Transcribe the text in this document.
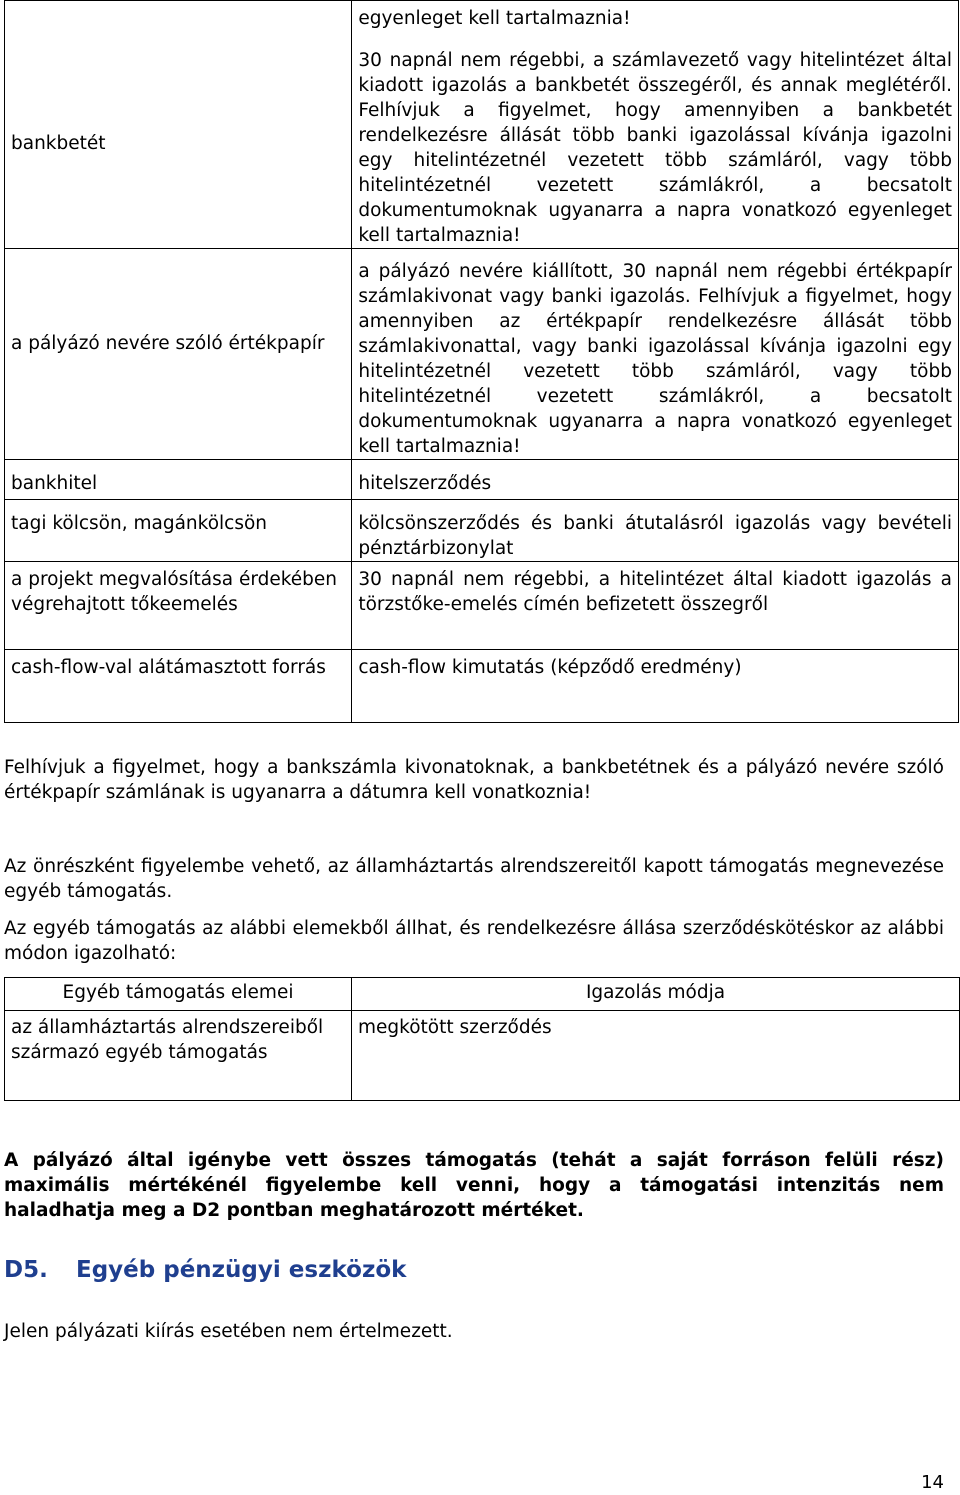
bankbetét	egyenleget kell tartalmaznia!
30 napnál nem régebbi, a számlavezető vagy hitelintézet által kiadott igazolás a bankbetét összegéről, és annak meglétéről. Felhívjuk a figyelmet, hogy amennyiben a bankbetét rendelkezésre állását több banki igazolással kívánja igazolni egy hitelintézetnél vezetett több számláról, vagy több hitelintézetnél vezetett számlákról, a becsatolt dokumentumoknak ugyanarra a napra vonatkozó egyenleget kell tartalmaznia!

a pályázó nevére szóló értékpapír	a pályázó nevére kiállított, 30 napnál nem régebbi értékpapír számlakivonat vagy banki igazolás. Felhívjuk a figyelmet, hogy amennyiben az értékpapír rendelkezésre állását több számlakivonattal, vagy banki igazolással kívánja igazolni egy hitelintézetnél vezetett több számláról, vagy több hitelintézetnél vezetett számlákról, a becsatolt dokumentumoknak ugyanarra a napra vonatkozó egyenleget kell tartalmaznia!

bankhitel	hitelszerződés

tagi kölcsön, magánkölcsön	kölcsönszerződés és banki átutalásról igazolás vagy bevételi pénztárbizonylat

a projekt megvalósítása érdekében végrehajtott tőkeemelés	30 napnál nem régebbi, a hitelintézet által kiadott igazolás a törzstőke-emelés címén befizetett összegről

cash-flow-val alátámasztott forrás	cash-flow kimutatás (képződő eredmény)
Felhívjuk a figyelmet, hogy a bankszámla kivonatoknak, a bankbetétnek és a pályázó nevére szóló értékpapír számlának is ugyanarra a dátumra kell vonatkoznia!
Az önrészként figyelembe vehető, az államháztartás alrendszereitől kapott támogatás megnevezése egyéb támogatás.
Az egyéb támogatás az alábbi elemekből állhat, és rendelkezésre állása szerződéskötéskor az alábbi módon igazolható:
Egyéb támogatás elemei	Igazolás módja
az államháztartás alrendszereiből származó egyéb támogatás	megkötött szerződés
A pályázó által igénybe vett összes támogatás (tehát a saját forráson felüli rész) maximális mértékénél figyelembe kell venni, hogy a támogatási intenzitás nem haladhatja meg a D2 pontban meghatározott mértéket.
D5. Egyéb pénzügyi eszközök
Jelen pályázati kiírás esetében nem értelmezett.
14
